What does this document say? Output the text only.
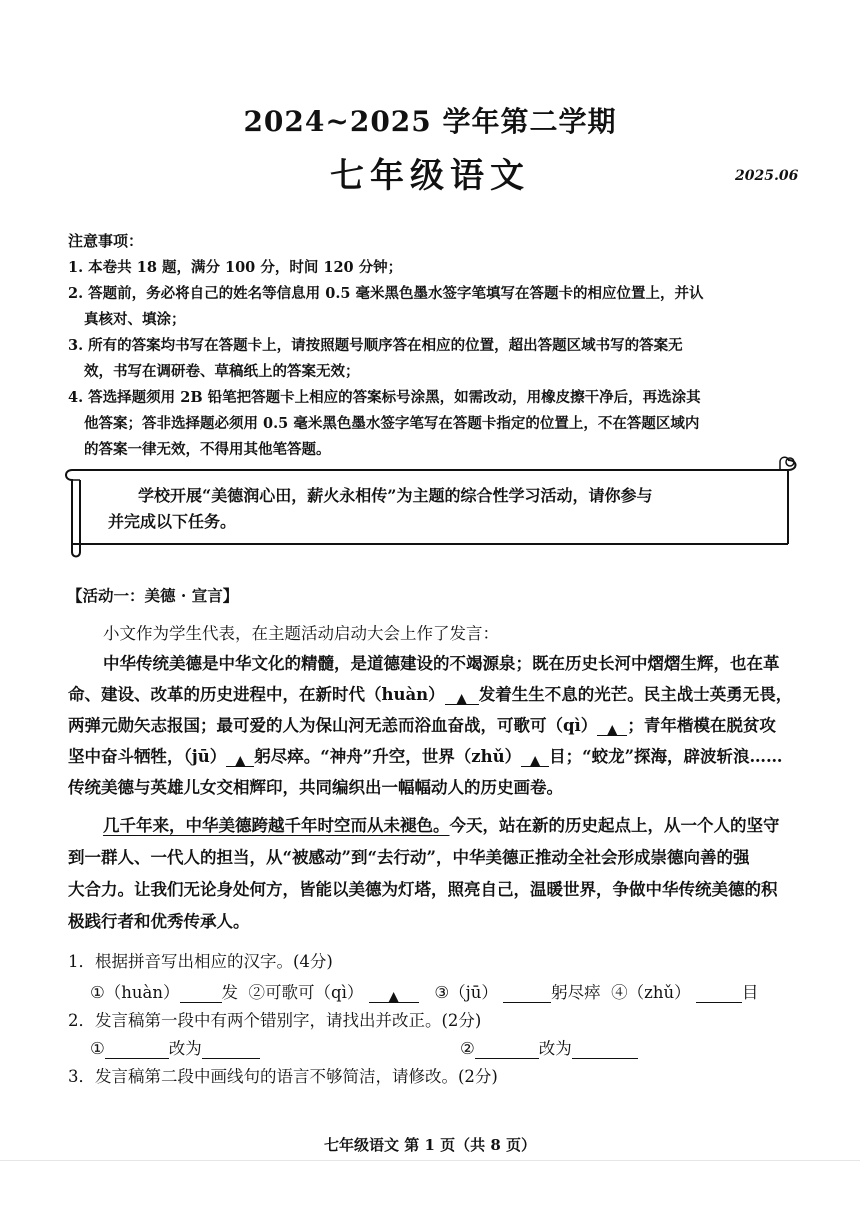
2024~2025 学年第二学期
七年级语文	2025.06
注意事项：
1. 本卷共 18 题，满分 100 分，时间 120 分钟；
2. 答题前，务必将自己的姓名等信息用 0.5 毫米黑色墨水签字笔填写在答题卡的相应位置上，并认
真核对、填涂；
3. 所有的答案均书写在答题卡上，请按照题号顺序答在相应的位置，超出答题区域书写的答案无
效，书写在调研卷、草稿纸上的答案无效；
4. 答选择题须用 2B 铅笔把答题卡上相应的答案标号涂黑，如需改动，用橡皮擦干净后，再选涂其
他答案；答非选择题必须用 0.5 毫米黑色墨水签字笔写在答题卡指定的位置上，不在答题区域内
的答案一律无效，不得用其他笔答题。
学校开展“美德润心田，薪火永相传”为主题的综合性学习活动，请你参与
并完成以下任务。
【活动一：美德 · 宣言】
小文作为学生代表，在主题活动启动大会上作了发言：
中华传统美德是中华文化的精髓，是道德建设的不竭源泉；既在历史长河中熠熠生辉，也在革
命、建设、改革的历史进程中，在新时代（huàn） ▲ 发着生生不息的光芒。民主战士英勇无畏，
两弹元勋矢志报国；最可爱的人为保山河无恙而浴血奋战，可歌可（qì） ▲ ；青年楷模在脱贫攻
坚中奋斗牺牲，（jū） ▲ 躬尽瘁。“神舟”升空，世界（zhǔ） ▲ 目；“蛟龙”探海，辟波斩浪……
传统美德与英雄儿女交相辉印，共同编织出一幅幅动人的历史画卷。
几千年来，中华美德跨越千年时空而从未褪色。今天，站在新的历史起点上，从一个人的坚守
到一群人、一代人的担当，从“被感动”到“去行动”，中华美德正推动全社会形成崇德向善的强
大合力。让我们无论身处何方，皆能以美德为灯塔，照亮自己，温暖世界，争做中华传统美德的积
极践行者和优秀传承人。
1．根据拼音写出相应的汉字。(4分)
①（huàn）	发 ②可歌可（qì） ▲ ③（jū）	躬尽瘁 ④（zhǔ）	目
2．发言稿第一段中有两个错别字，请找出并改正。(2分)
①	改为	②	改为
3．发言稿第二段中画线句的语言不够简洁，请修改。(2分)
七年级语文 第 1 页（共 8 页）
